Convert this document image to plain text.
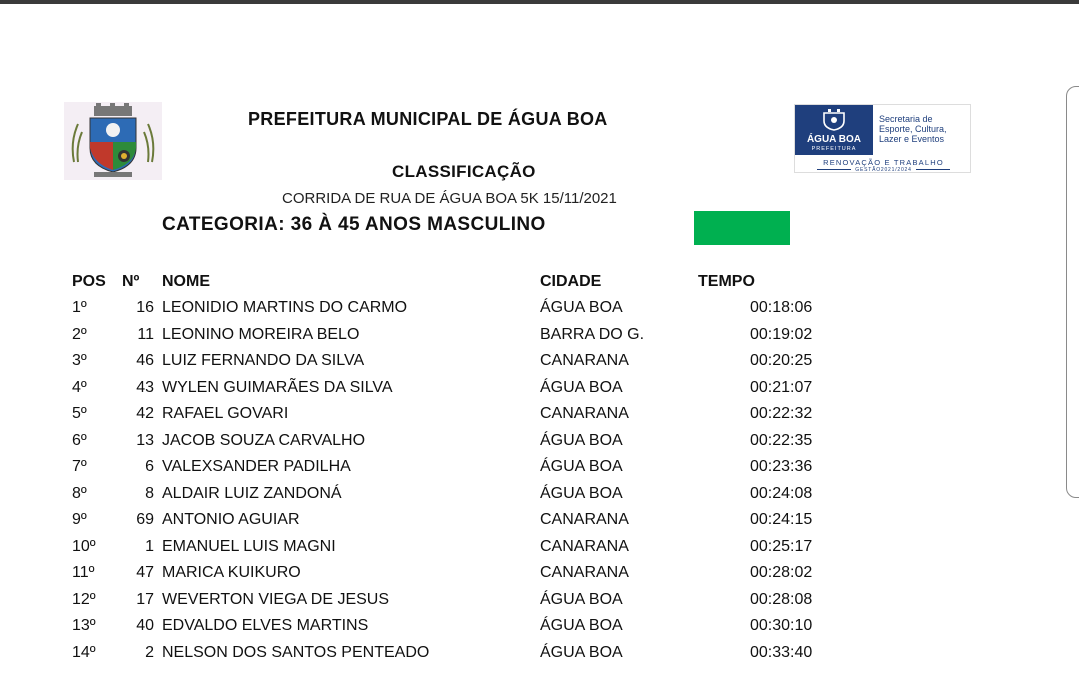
PREFEITURA MUNICIPAL DE ÁGUA BOA
CLASSIFICAÇÃO
CORRIDA DE RUA DE ÁGUA BOA 5K 15/11/2021
CATEGORIA: 36 À 45 ANOS MASCULINO
ÁGUA BOA
PREFEITURA
Secretaria de
Esporte, Cultura,
Lazer e Eventos
RENOVAÇÃO E TRABALHO
GESTÃO2021/2024
POS Nº NOME	CIDADE	TEMPO
1º	16 LEONIDIO MARTINS DO CARMO	ÁGUA BOA	00:18:06
2º	11 LEONINO MOREIRA BELO	BARRA DO G.	00:19:02
3º	46 LUIZ FERNANDO DA SILVA	CANARANA	00:20:25
4º	43 WYLEN GUIMARÃES DA SILVA	ÁGUA BOA	00:21:07
5º	42 RAFAEL GOVARI	CANARANA	00:22:32
6º	13 JACOB SOUZA CARVALHO	ÁGUA BOA	00:22:35
7º	6 VALEXSANDER PADILHA	ÁGUA BOA	00:23:36
8º	8 ALDAIR LUIZ ZANDONÁ	ÁGUA BOA	00:24:08
9º	69 ANTONIO AGUIAR	CANARANA	00:24:15
10º	1 EMANUEL LUIS MAGNI	CANARANA	00:25:17
11º	47 MARICA KUIKURO	CANARANA	00:28:02
12º	17 WEVERTON VIEGA DE JESUS	ÁGUA BOA	00:28:08
13º	40 EDVALDO ELVES MARTINS	ÁGUA BOA	00:30:10
14º	2 NELSON DOS SANTOS PENTEADO	ÁGUA BOA	00:33:40
